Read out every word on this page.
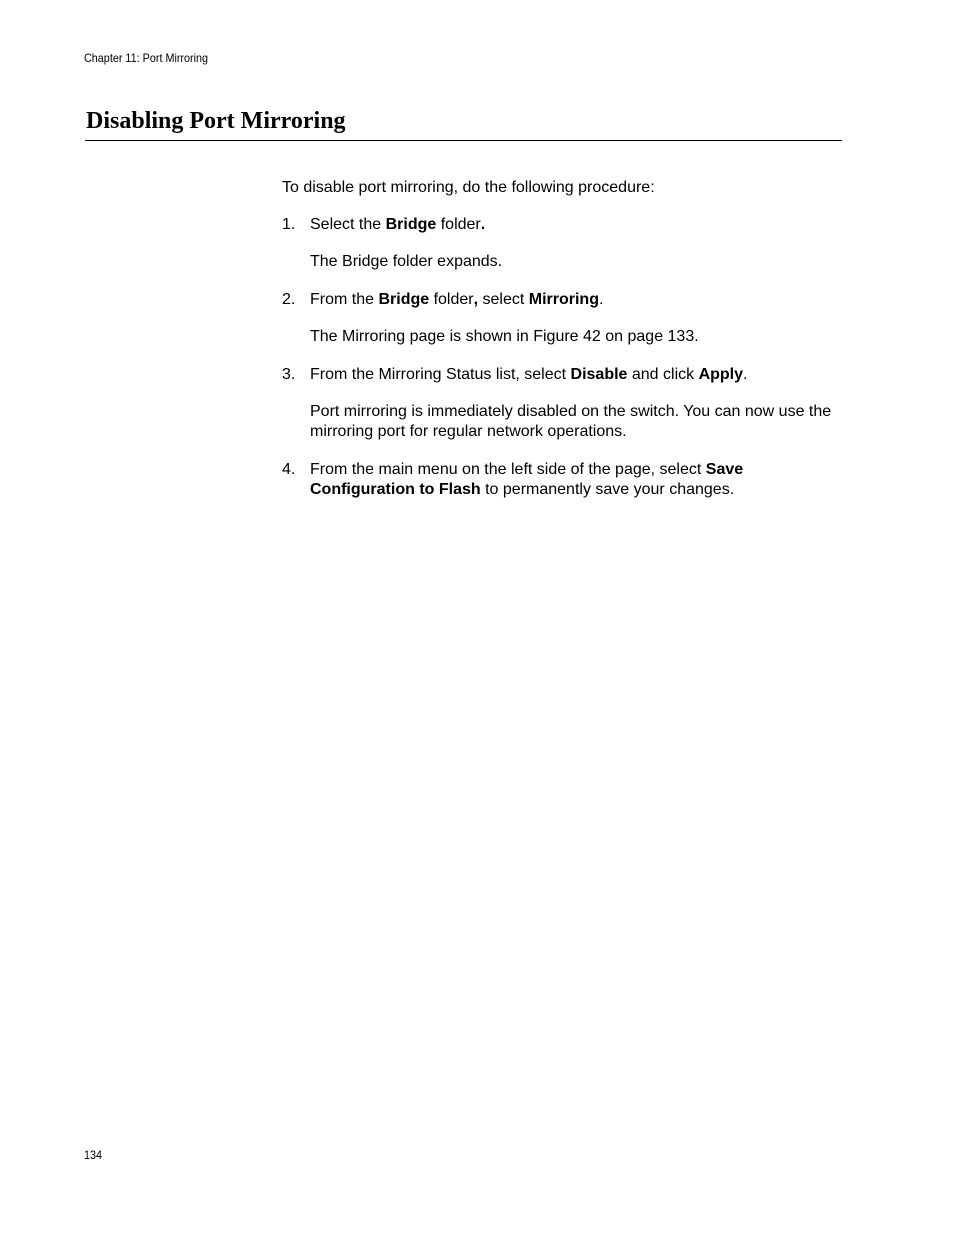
Chapter 11: Port Mirroring
Disabling Port Mirroring

To disable port mirroring, do the following procedure:

1. Select the Bridge folder.

The Bridge folder expands.

2. From the Bridge folder, select Mirroring.

The Mirroring page is shown in Figure 42 on page 133.

3. From the Mirroring Status list, select Disable and click Apply.

Port mirroring is immediately disabled on the switch. You can now use the mirroring port for regular network operations.

4. From the main menu on the left side of the page, select Save Configuration to Flash to permanently save your changes.

134
